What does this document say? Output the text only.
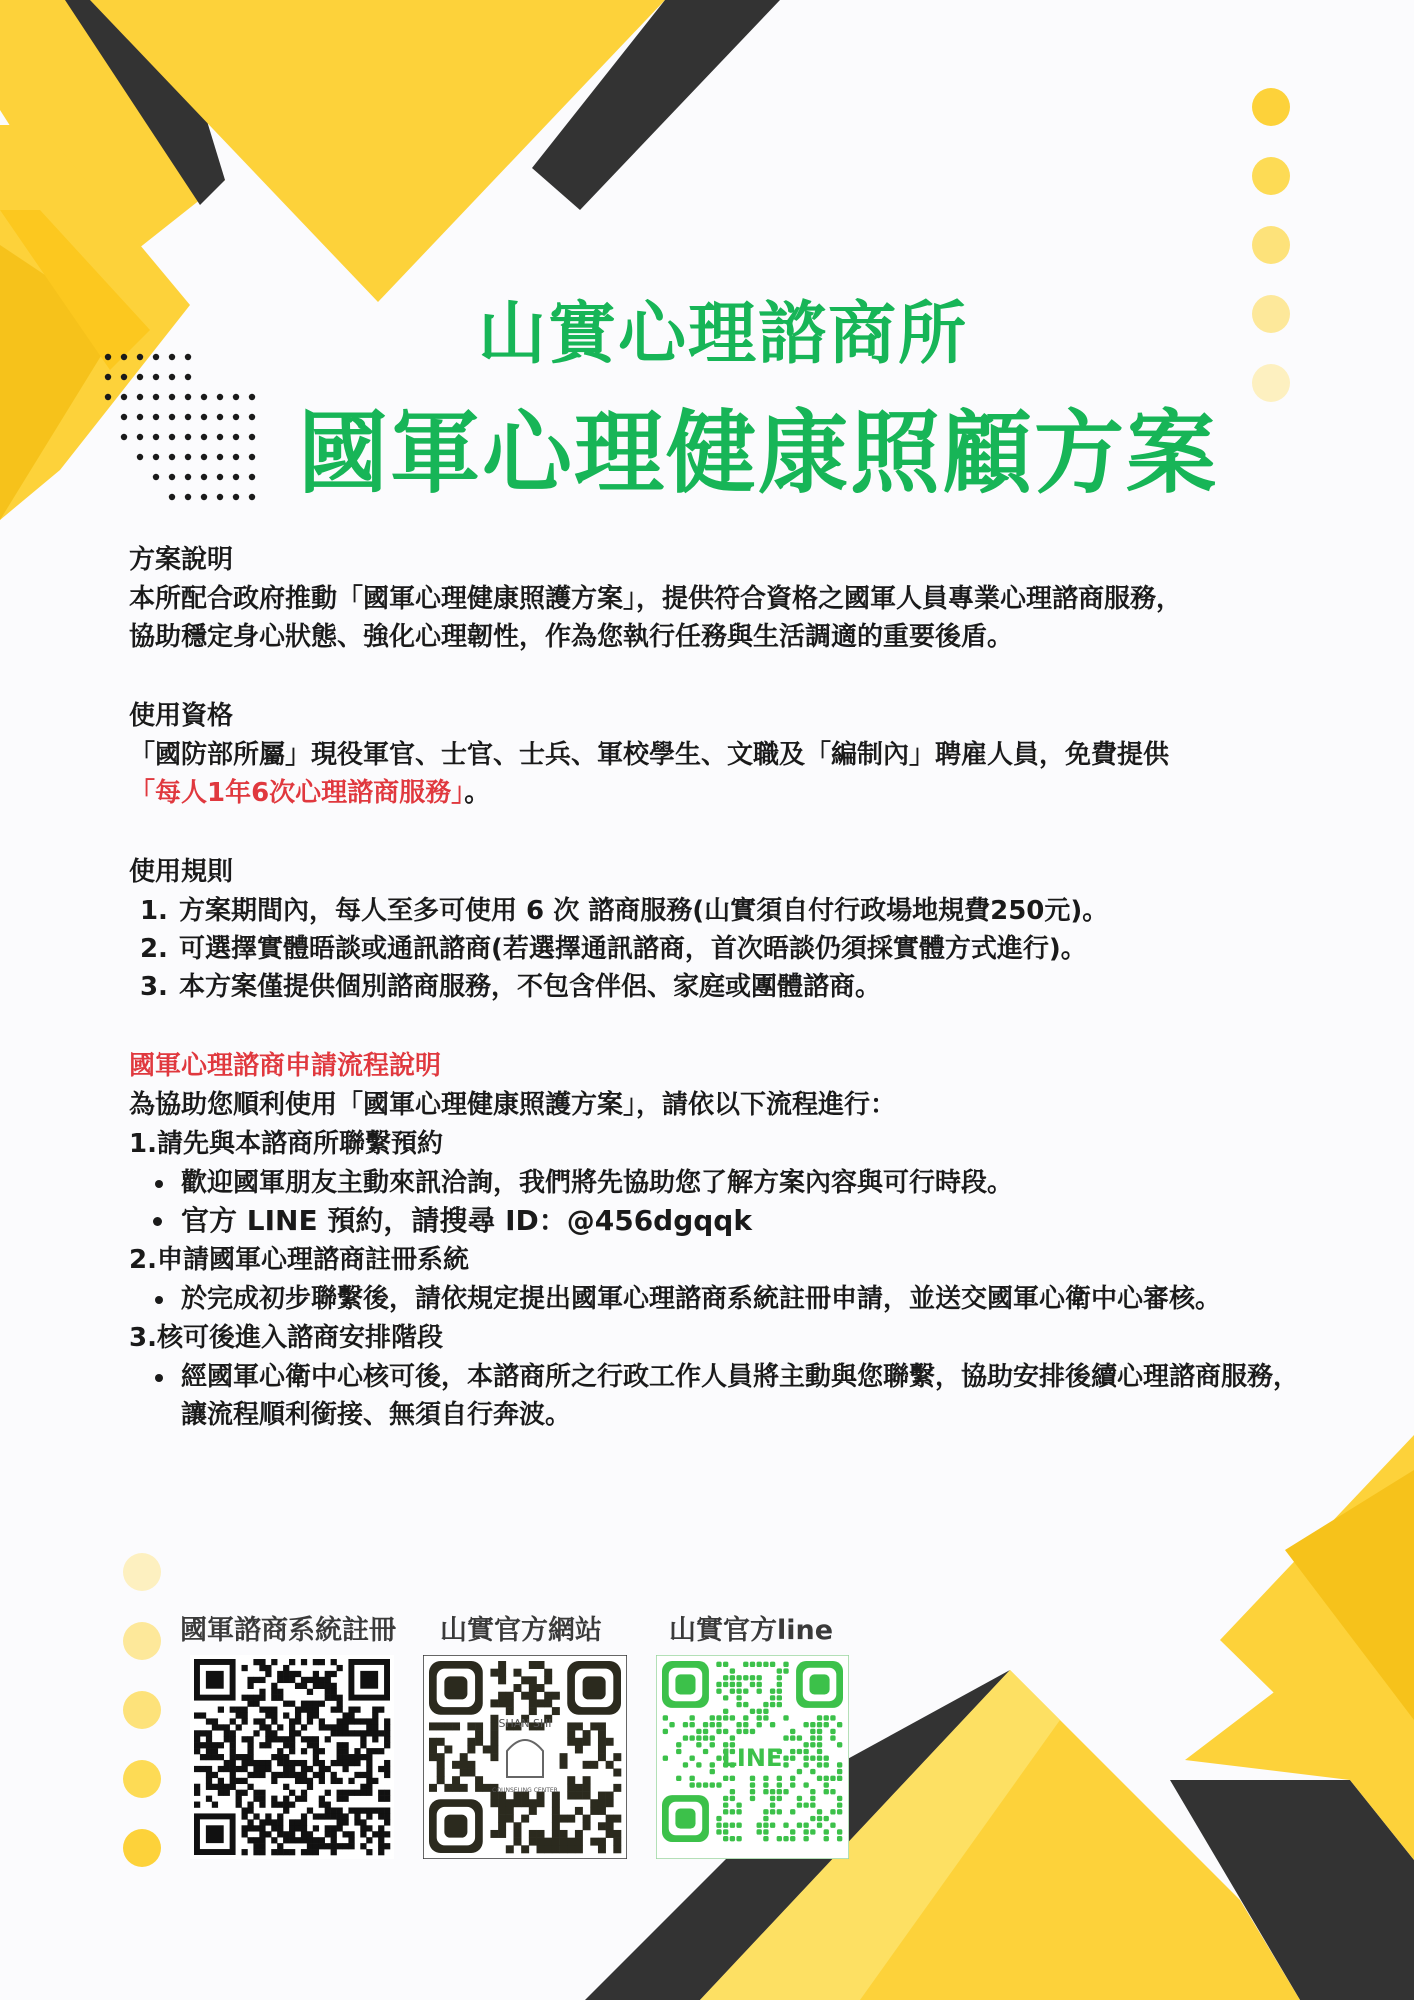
山實心理諮商所
國軍心理健康照顧方案
方案說明
本所配合政府推動「國軍心理健康照護方案」，提供符合資格之國軍人員專業心理諮商服務，
協助穩定身心狀態、強化心理韌性，作為您執行任務與生活調適的重要後盾。
使用資格
「國防部所屬」現役軍官、士官、士兵、軍校學生、文職及「編制內」聘雇人員，免費提供
「每人1年6次心理諮商服務」。
使用規則
1. 方案期間內，每人至多可使用 6 次 諮商服務(山實須自付行政場地規費250元)。
2. 可選擇實體晤談或通訊諮商(若選擇通訊諮商，首次晤談仍須採實體方式進行)。
3. 本方案僅提供個別諮商服務，不包含伴侶、家庭或團體諮商。
國軍心理諮商申請流程說明
為協助您順利使用「國軍心理健康照護方案」，請依以下流程進行：
1.請先與本諮商所聯繫預約
• 歡迎國軍朋友主動來訊洽詢，我們將先協助您了解方案內容與可行時段。
• 官方 LINE 預約，請搜尋 ID：@456dgqqk
2.申請國軍心理諮商註冊系統
• 於完成初步聯繫後，請依規定提出國軍心理諮商系統註冊申請，並送交國軍心衛中心審核。
3.核可後進入諮商安排階段
• 經國軍心衛中心核可後，本諮商所之行政工作人員將主動與您聯繫，協助安排後續心理諮商服務，讓流程順利銜接、無須自行奔波。
國軍諮商系統註冊 山實官方網站 山實官方line
SHAN SHI
COUNSELING CENTER
LINE
